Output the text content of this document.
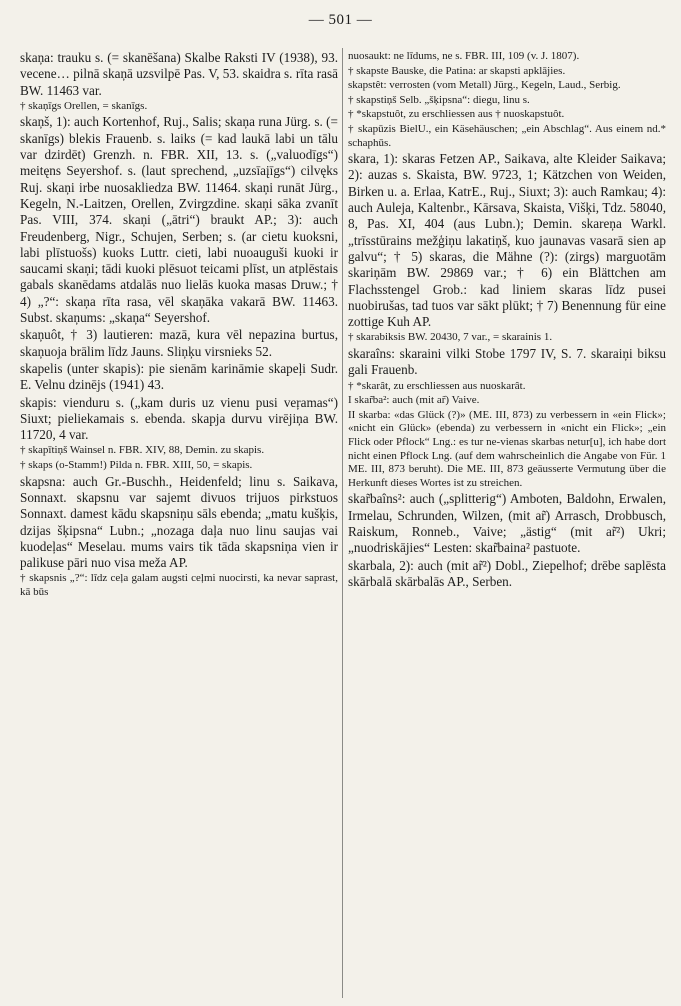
— 501 —

skaņa: trauku s. (= skanēšana) Skalbe Raksti IV (1938), 93. vecene… pilnā skaņā uzsvilpē Pas. V, 53. skaidra s. rīta rasā BW. 11463 var.

† skaņīgs Orellen, = skanīgs.

skaņš, 1): auch Kortenhof, Ruj., Salis; skaņa runa Jürg. s. (= skanīgs) blekis Frauenb. s. laiks (= kad laukā labi un tālu var dzirdēt) Grenzh. n. FBR. XII, 13. s. („valuodīgs“) meitęns Seyershof. s. (laut sprechend, „uzsīaįīgs“) cilvęks Ruj. skaņi irbe nuosakliedza BW. 11464. skaņi runāt Jürg., Kegeln, N.-Laitzen, Orellen, Zvirgzdine. skaņi sāka zvanīt Pas. VIII, 374. skaņi („ātri“) braukt AP.; 3): auch Freudenberg, Nigr., Schujen, Serben; s. (ar cietu kuoksni, labi plīstuošs) kuoks Luttr. cieti, labi nuoauguši kuoki ir saucami skaņi; tādi kuoki plēsuot teicami plīst, un atplēstais gabals skanēdams atdalās nuo lielās kuoka masas Druw.; † 4) „?“: skaņa rīta rasa, vēl skaņāka vakarā BW. 11463. Subst. skaņums: „skaņa“ Seyershof.

skaņuôt, † 3) lautieren: mazā, kura vēl nepazina burtus, skaņuoja brālim līdz Jauns. Sliņķu virsnieks 52.

skapelis (unter skapis): pie sienām karināmie skapeļi Sudr. E. Velnu dzinējs (1941) 43.

skapis: vienduru s. („kam duris uz vienu pusi veŗamas“) Siuxt; pieliekamais s. ebenda. skapja durvu virējiņa BW. 11720, 4 var.

† skapītiņš Wainsel n. FBR. XIV, 88, Demin. zu skapis.

† skaps (o-Stamm!) Pilda n. FBR. XIII, 50, = skapis.

skapsna: auch Gr.-Buschh., Heidenfeld; linu s. Saikava, Sonnaxt. skapsnu var sajemt divuos trijuos pirkstuos Sonnaxt. damest kādu skapsniņu sāls ebenda; „matu kušķis, dzijas šķipsna“ Lubn.; „nozaga daļa nuo linu saujas vai kuodeļas“ Meselau. mums vairs tik tāda skapsniņa vien ir palikuse pāri nuo visa meža AP.

† skapsnis „?“: līdz ceļa galam augsti ceļmi nuocirsti, ka nevar saprast, kā būs

nuosaukt: ne līdums, ne s. FBR. III, 109 (v. J. 1807).

† skapste Bauske, die Patina: ar skapsti apklājies.

skapstêt: verrosten (vom Metall) Jürg., Kegeln, Laud., Serbig.

† skapstiņš Selb. „šķipsna“: diegu, linu s.

† *skapstuôt, zu erschliessen aus † nuoskapstuôt.

† skapūzis BielU., ein Käsehäuschen; „ein Abschlag“. Aus einem nd.* schaphūs.

skara, 1): skaras Fetzen AP., Saikava, alte Kleider Saikava; 2): auzas s. Skaista, BW. 9723, 1; Kätzchen von Weiden, Birken u. a. Erlaa, KatrE., Ruj., Siuxt; 3): auch Ramkau; 4): auch Auleja, Kaltenbr., Kārsava, Skaista, Višķi, Tdz. 58040, 8, Pas. XI, 404 (aus Lubn.); Demin. skareņa Warkl. „trīsstūrains mežģiņu lakatiņš, kuo jaunavas vasarā sien ap galvu“; † 5) skaras, die Mähne (?): (zirgs) marguotām skariņām BW. 29869 var.; † 6) ein Blättchen am Flachsstengel Grob.: kad liniem skaras līdz pusei nuobirušas, tad tuos var sākt plūkt; † 7) Benennung für eine zottige Kuh AP.

† skarabiksis BW. 20430, 7 var., = skarainis 1.

skaraîns: skaraini vilki Stobe 1797 IV, S. 7. skaraiņi biksu gali Frauenb.

† *skarât, zu erschliessen aus nuoskarât.

I skar̃ba²: auch (mit ar̃) Vaive.

II skarba: «das Glück (?)» (ME. III, 873) zu verbessern in «ein Flick»; «nicht ein Glück» (ebenda) zu verbessern in «nicht ein Flick»; „ein Flick oder Pflock“ Lng.: es tur ne-vienas skarbas netur[u], ich habe dort nicht einen Pflock Lng. (auf dem wahrscheinlich die Angabe von Für. 1 ME. III, 873 beruht). Die ME. III, 873 geäusserte Vermutung über die Herkunft dieses Wortes ist zu streichen.

skar̃baîns²: auch („splitterig“) Amboten, Baldohn, Erwalen, Irmelau, Schrunden, Wilzen, (mit ar̃) Arrasch, Drobbusch, Raiskum, Ronneb., Vaive; „ästig“ (mit ar̃²) Ukri; „nuodriskājies“ Lesten: skar̃baina² pastuote.

skarbala, 2): auch (mit ar̃²) Dobl., Ziepelhof; drēbe saplēsta skārbalā skārbalās AP., Serben.
